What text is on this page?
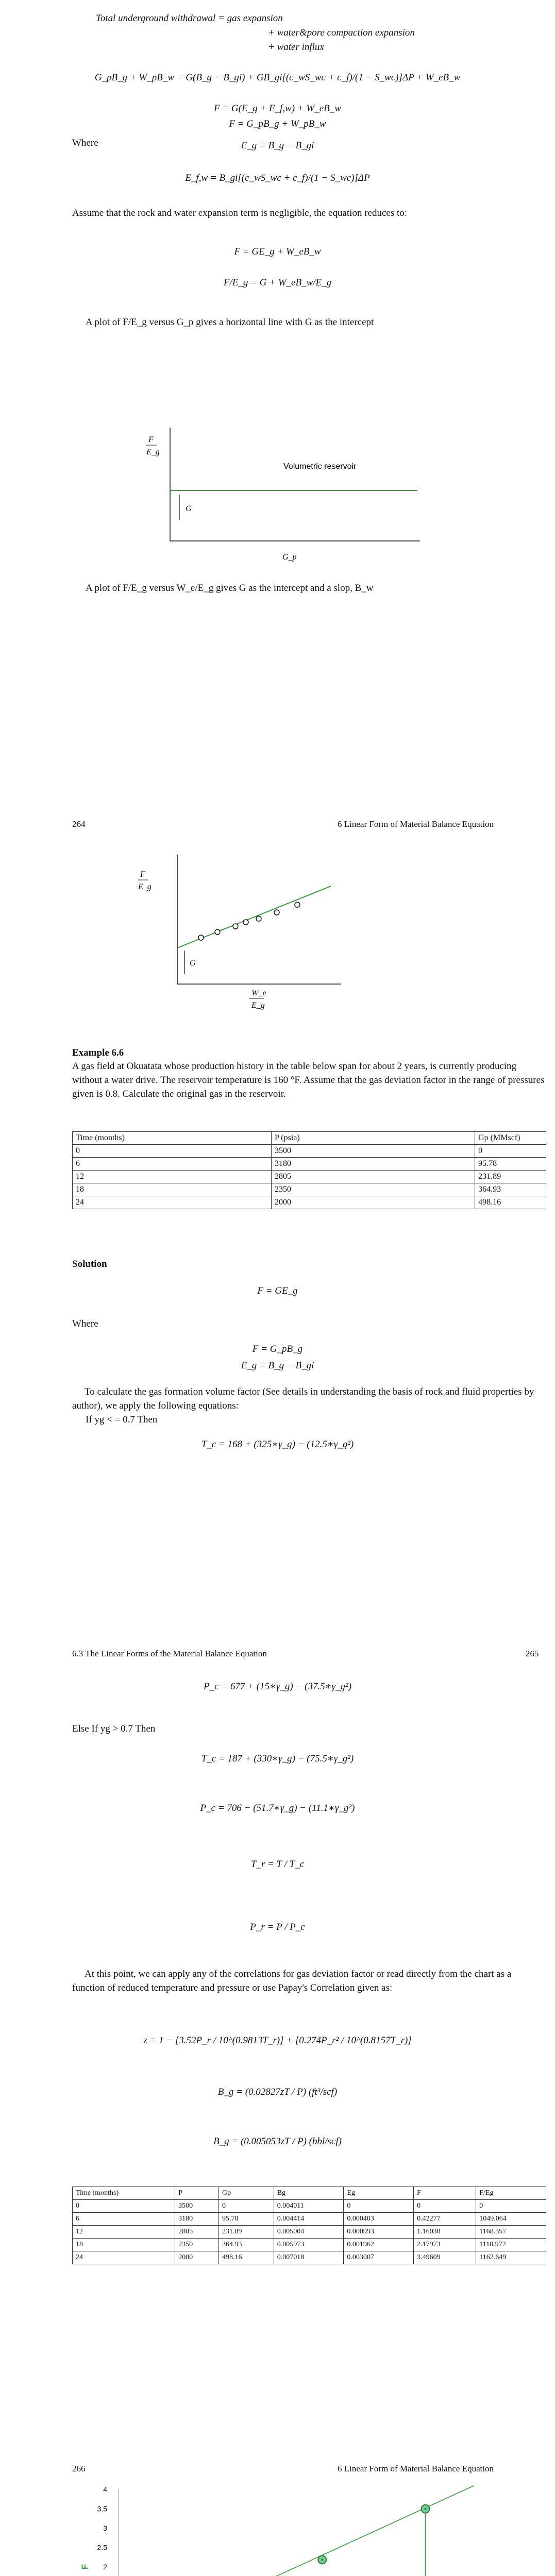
Total underground withdrawal = gas expansion
+ water&pore compaction expansion
+ water influx
G_pB_g + W_pB_w = G(B_g − B_gi) + GB_gi[(c_wS_wc + c_f)/(1 − S_wc)]ΔP + W_eB_w
F = G(E_g + E_f,w) + W_eB_w
Where
F = G_pB_g + W_pB_w
E_g = B_g − B_gi
E_f,w = B_gi[(c_wS_wc + c_f)/(1 − S_wc)]ΔP
Assume that the rock and water expansion term is negligible, the equation reduces to:
F = GE_g + W_eB_w
F/E_g = G + W_eB_w/E_g
A plot of F/E_g versus G_p gives a horizontal line with G as the intercept
F
E_g
Volumetric reservoir
G
G_p
A plot of F/E_g versus W_e/E_g gives G as the intercept and a slop, B_w
264	6 Linear Form of Material Balance Equation
F
E_g
G
W_e
E_g
Example 6.6
A gas field at Okuatata whose production history in the table below span for about 2 years, is currently producing without a water drive. The reservoir temperature is 160 °F. Assume that the gas deviation factor in the range of pressures given is 0.8. Calculate the original gas in the reservoir.
Time (months)	P (psia)	Gp (MMscf)
0	3500	0
6	3180	95.78
12	2805	231.89
18	2350	364.93
24	2000	498.16
Solution
F = GE_g
Where
F = G_pB_g
E_g = B_g − B_gi
To calculate the gas formation volume factor (See details in understanding the basis of rock and fluid properties by author), we apply the following equations:
If yg < = 0.7 Then
T_c = 168 + (325∗γ_g) − (12.5∗γ_g²)
6.3 The Linear Forms of the Material Balance Equation	265
P_c = 677 + (15∗γ_g) − (37.5∗γ_g²)
Else If yg > 0.7 Then
T_c = 187 + (330∗γ_g) − (75.5∗γ_g²)
P_c = 706 − (51.7∗γ_g) − (11.1∗γ_g²)
T_r = T / T_c
P_r = P / P_c
At this point, we can apply any of the correlations for gas deviation factor or read directly from the chart as a function of reduced temperature and pressure or use Papay's Correlation given as:
z = 1 − [3.52P_r / 10^(0.9813T_r)] + [0.274P_r² / 10^(0.8157T_r)]
B_g = (0.02827zT / P) (ft³/scf)
B_g = (0.005053zT / P) (bbl/scf)
Time (months)	P	Gp	Bg	Eg	F	F/Eg
0	3500	0	0.004011	0	0	0
6	3180	95.78	0.004414	0.000403	0.42277	1049.064
12	2805	231.89	0.005004	0.000993	1.16038	1168.557
18	2350	364.93	0.005973	0.001962	2.17973	1110.972
24	2000	498.16	0.007018	0.003007	3.49609	1162.649
266	6 Linear Form of Material Balance Equation
2
2.5
3
3.5
4
F
